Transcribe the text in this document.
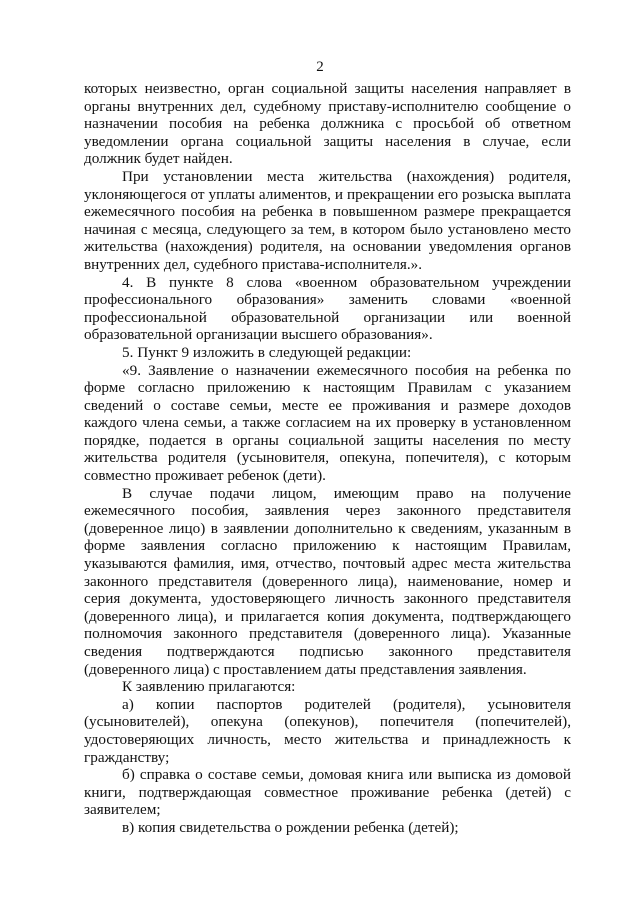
2

которых неизвестно, орган социальной защиты населения направляет в органы внутренних дел, судебному приставу-исполнителю сообщение о назначении пособия на ребенка должника с просьбой об ответном уведомлении органа социальной защиты населения в случае, если должник будет найден.

При установлении места жительства (нахождения) родителя, уклоняющегося от уплаты алиментов, и прекращении его розыска выплата ежемесячного пособия на ребенка в повышенном размере прекращается начиная с месяца, следующего за тем, в котором было установлено место жительства (нахождения) родителя, на основании уведомления органов внутренних дел, судебного пристава-исполнителя.».

4. В пункте 8 слова «военном образовательном учреждении профессионального образования» заменить словами «военной профессиональной образовательной организации или военной образовательной организации высшего образования».

5. Пункт 9 изложить в следующей редакции:

«9. Заявление о назначении ежемесячного пособия на ребенка по форме согласно приложению к настоящим Правилам с указанием сведений о составе семьи, месте ее проживания и размере доходов каждого члена семьи, а также согласием на их проверку в установленном порядке, подается в органы социальной защиты населения по месту жительства родителя (усыновителя, опекуна, попечителя), с которым совместно проживает ребенок (дети).

В случае подачи лицом, имеющим право на получение ежемесячного пособия, заявления через законного представителя (доверенное лицо) в заявлении дополнительно к сведениям, указанным в форме заявления согласно приложению к настоящим Правилам, указываются фамилия, имя, отчество, почтовый адрес места жительства законного представителя (доверенного лица), наименование, номер и серия документа, удостоверяющего личность законного представителя (доверенного лица), и прилагается копия документа, подтверждающего полномочия законного представителя (доверенного лица). Указанные сведения подтверждаются подписью законного представителя (доверенного лица) с проставлением даты представления заявления.

К заявлению прилагаются:

а) копии паспортов родителей (родителя), усыновителя (усыновителей), опекуна (опекунов), попечителя (попечителей), удостоверяющих личность, место жительства и принадлежность к гражданству;

б) справка о составе семьи, домовая книга или выписка из домовой книги, подтверждающая совместное проживание ребенка (детей) с заявителем;

в) копия свидетельства о рождении ребенка (детей);
